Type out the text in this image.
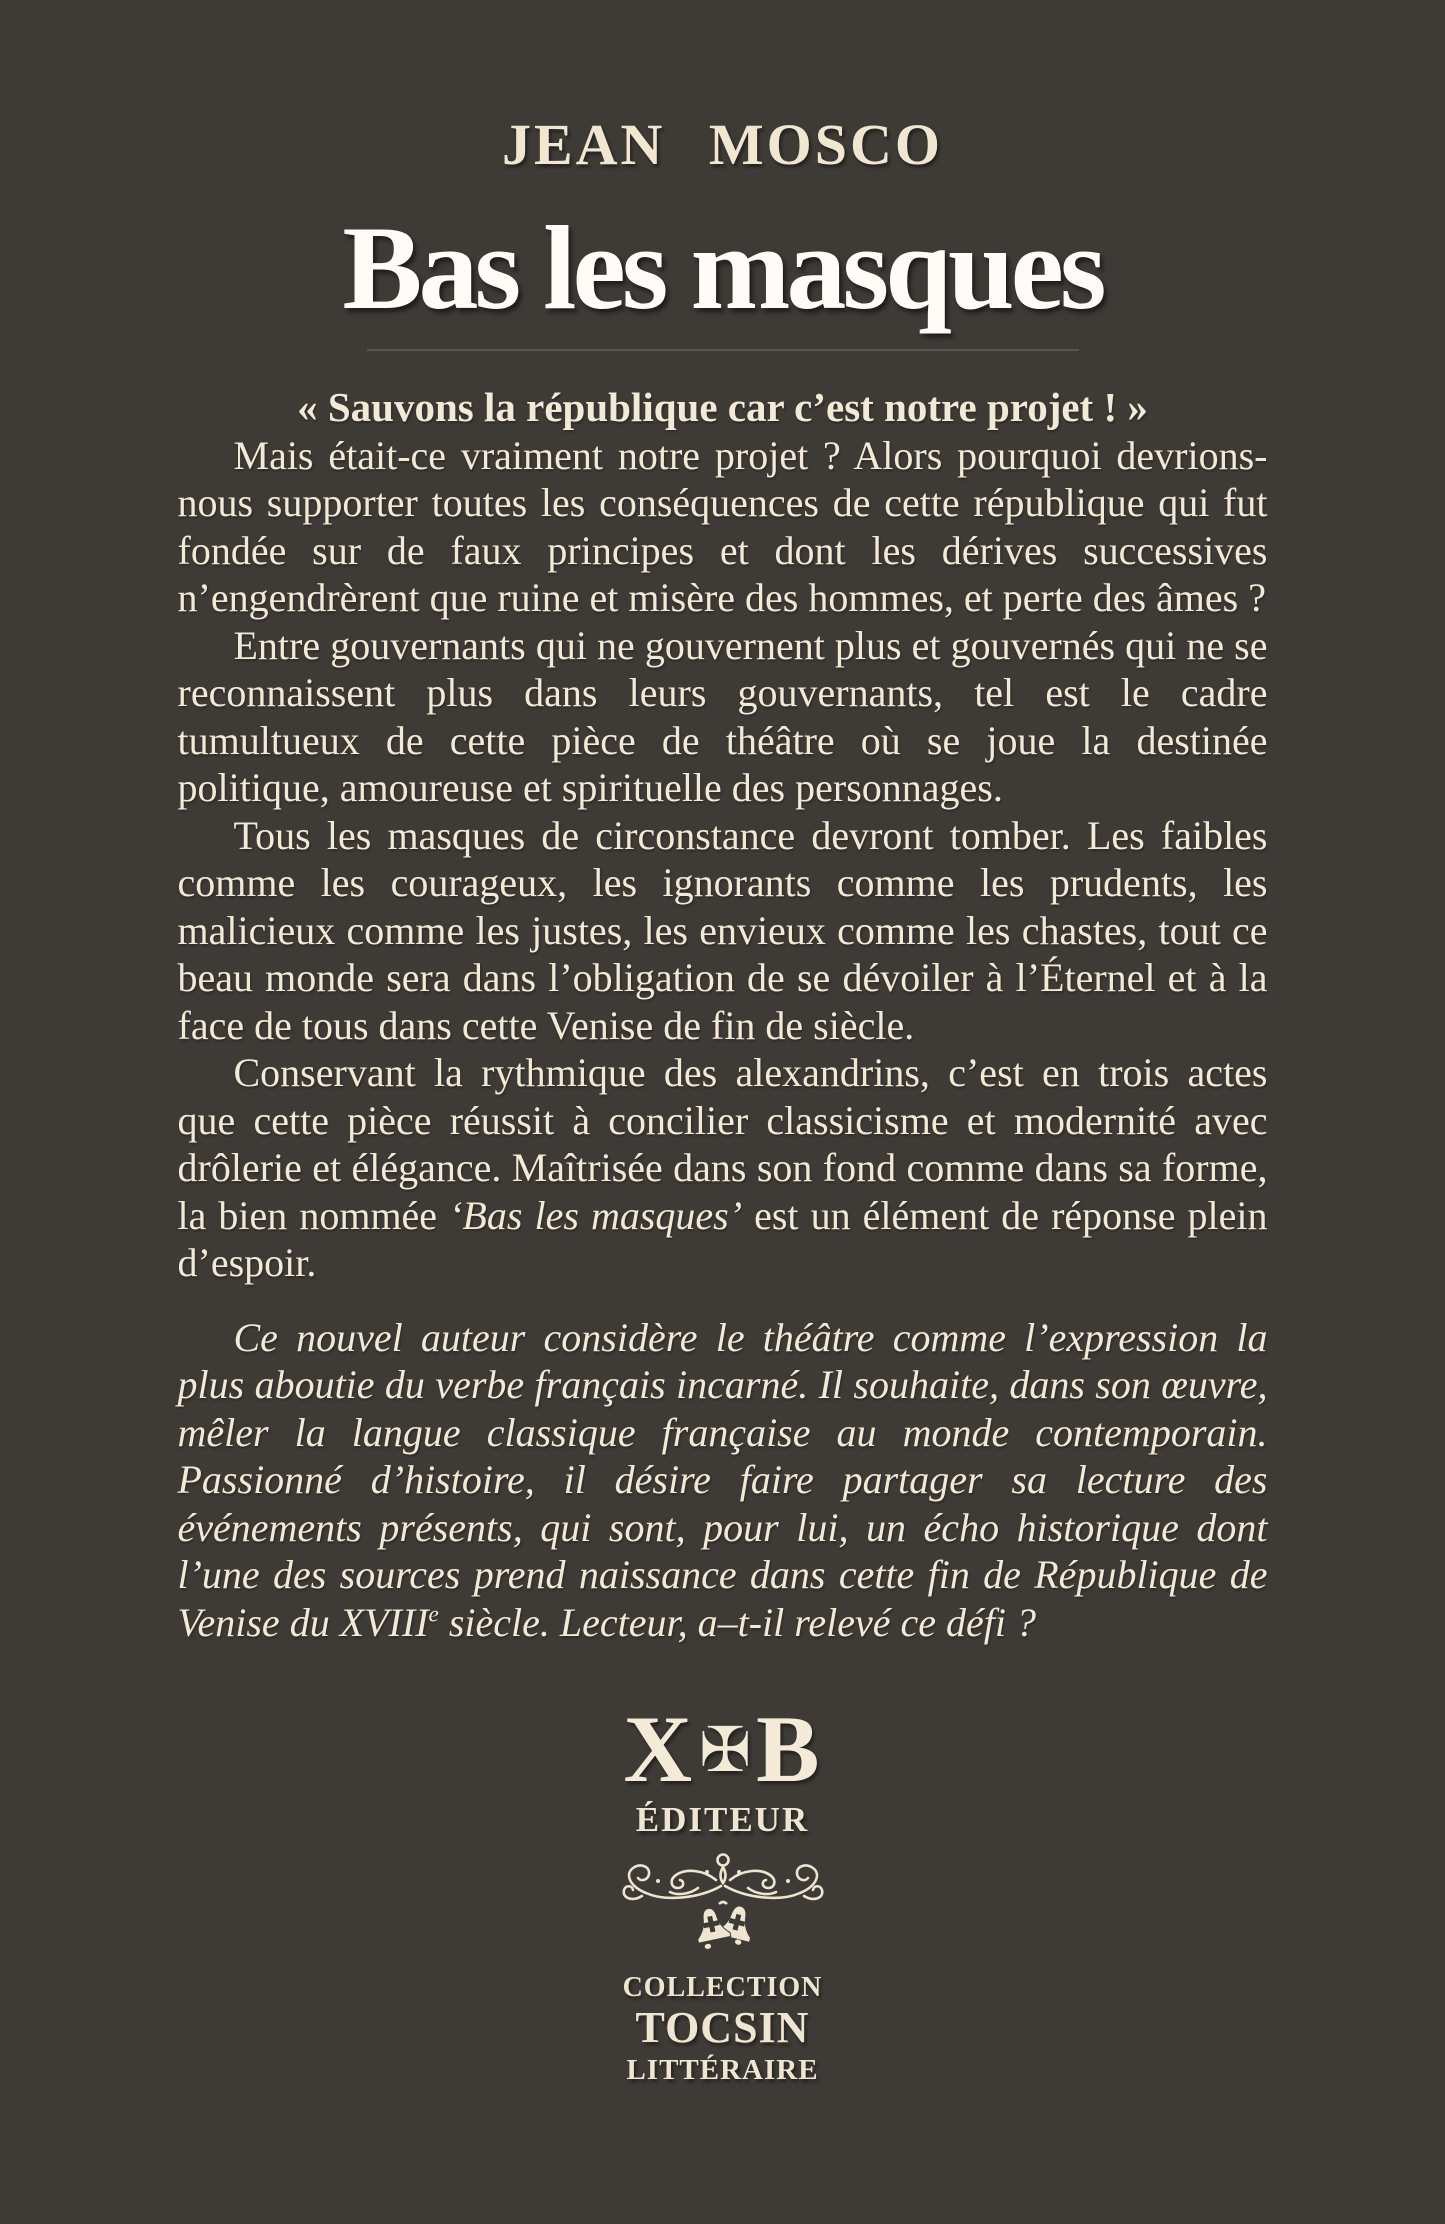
JEAN MOSCO
Bas les masques

« Sauvons la république car c’est notre projet ! »

Mais était-ce vraiment notre projet ? Alors pourquoi devrions-nous supporter toutes les conséquences de cette république qui fut fondée sur de faux principes et dont les dérives successives n’engendrèrent que ruine et misère des hommes, et perte des âmes ?

Entre gouvernants qui ne gouvernent plus et gouvernés qui ne se reconnaissent plus dans leurs gouvernants, tel est le cadre tumultueux de cette pièce de théâtre où se joue la destinée politique, amoureuse et spirituelle des personnages.

Tous les masques de circonstance devront tomber. Les faibles comme les courageux, les ignorants comme les prudents, les malicieux comme les justes, les envieux comme les chastes, tout ce beau monde sera dans l’obligation de se dévoiler à l’Éternel et à la face de tous dans cette Venise de fin de siècle.

Conservant la rythmique des alexandrins, c’est en trois actes que cette pièce réussit à concilier classicisme et modernité avec drôlerie et élégance. Maîtrisée dans son fond comme dans sa forme, la bien nommée ‘Bas les masques’ est un élément de réponse plein d’espoir.

Ce nouvel auteur considère le théâtre comme l’expression la plus aboutie du verbe français incarné. Il souhaite, dans son œuvre, mêler la langue classique française au monde contemporain. Passionné d’histoire, il désire faire partager sa lecture des événements présents, qui sont, pour lui, un écho historique dont l’une des sources prend naissance dans cette fin de République de Venise du XVIIIe siècle. Lecteur, a–t-il relevé ce défi ?

X✠B
ÉDITEUR
COLLECTION
TOCSIN
LITTÉRAIRE
